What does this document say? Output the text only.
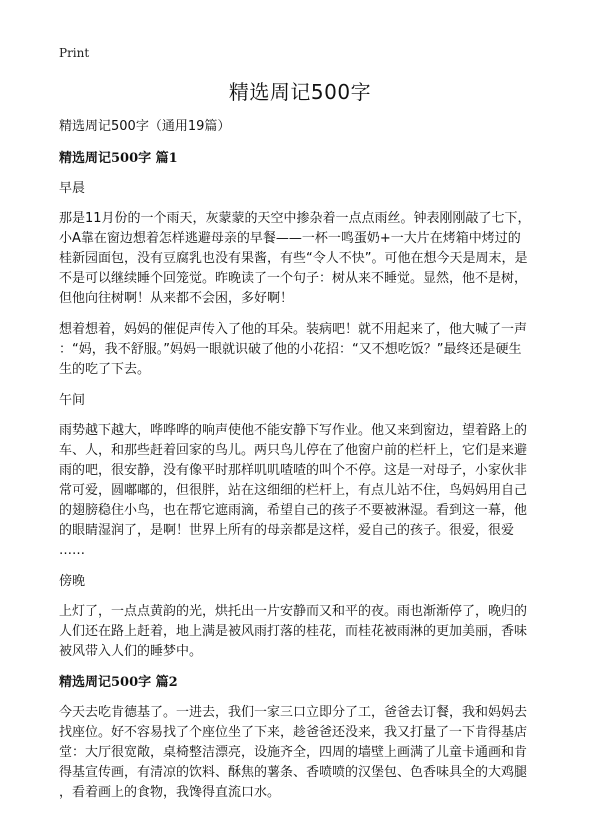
Print
精选周记500字

精选周记500字（通用19篇）

精选周记500字 篇1

早晨

那是11月份的一个雨天，灰蒙蒙的天空中掺杂着一点点雨丝。钟表刚刚敲了七下，
小A靠在窗边想着怎样逃避母亲的早餐——一杯一鸣蛋奶+一大片在烤箱中烤过的
桂新园面包，没有豆腐乳也没有果酱，有些“令人不快”。可他在想今天是周末，是
不是可以继续睡个回笼觉。昨晚读了一个句子：树从来不睡觉。显然，他不是树，
但他向往树啊！从来都不会困，多好啊！
想着想着，妈妈的催促声传入了他的耳朵。装病吧！就不用起来了，他大喊了一声
：“妈，我不舒服。”妈妈一眼就识破了他的小花招：“又不想吃饭？”最终还是硬生
生的吃了下去。

午间

雨势越下越大，哗哗哗的响声使他不能安静下写作业。他又来到窗边，望着路上的
车、人，和那些赶着回家的鸟儿。两只鸟儿停在了他窗户前的栏杆上，它们是来避
雨的吧，很安静，没有像平时那样叽叽喳喳的叫个不停。这是一对母子，小家伙非
常可爱，圆嘟嘟的，但很胖，站在这细细的栏杆上，有点儿站不住，鸟妈妈用自己
的翅膀稳住小鸟，也在帮它遮雨滴，希望自己的孩子不要被淋湿。看到这一幕，他
的眼睛湿润了，是啊！世界上所有的母亲都是这样，爱自己的孩子。很爱，很爱
……

傍晚

上灯了，一点点黄韵的光，烘托出一片安静而又和平的夜。雨也渐渐停了，晚归的
人们还在路上赶着，地上满是被风雨打落的桂花，而桂花被雨淋的更加美丽，香味
被风带入人们的睡梦中。

精选周记500字 篇2

今天去吃肯德基了。一进去，我们一家三口立即分了工，爸爸去订餐，我和妈妈去
找座位。好不容易找了个座位坐了下来，趁爸爸还没来，我又打量了一下肯得基店
堂：大厅很宽敞，桌椅整洁漂亮，设施齐全，四周的墙壁上画满了儿童卡通画和肯
得基宣传画，有清凉的饮料、酥焦的薯条、香喷喷的汉堡包、色香味具全的大鸡腿
，看着画上的食物，我馋得直流口水。
